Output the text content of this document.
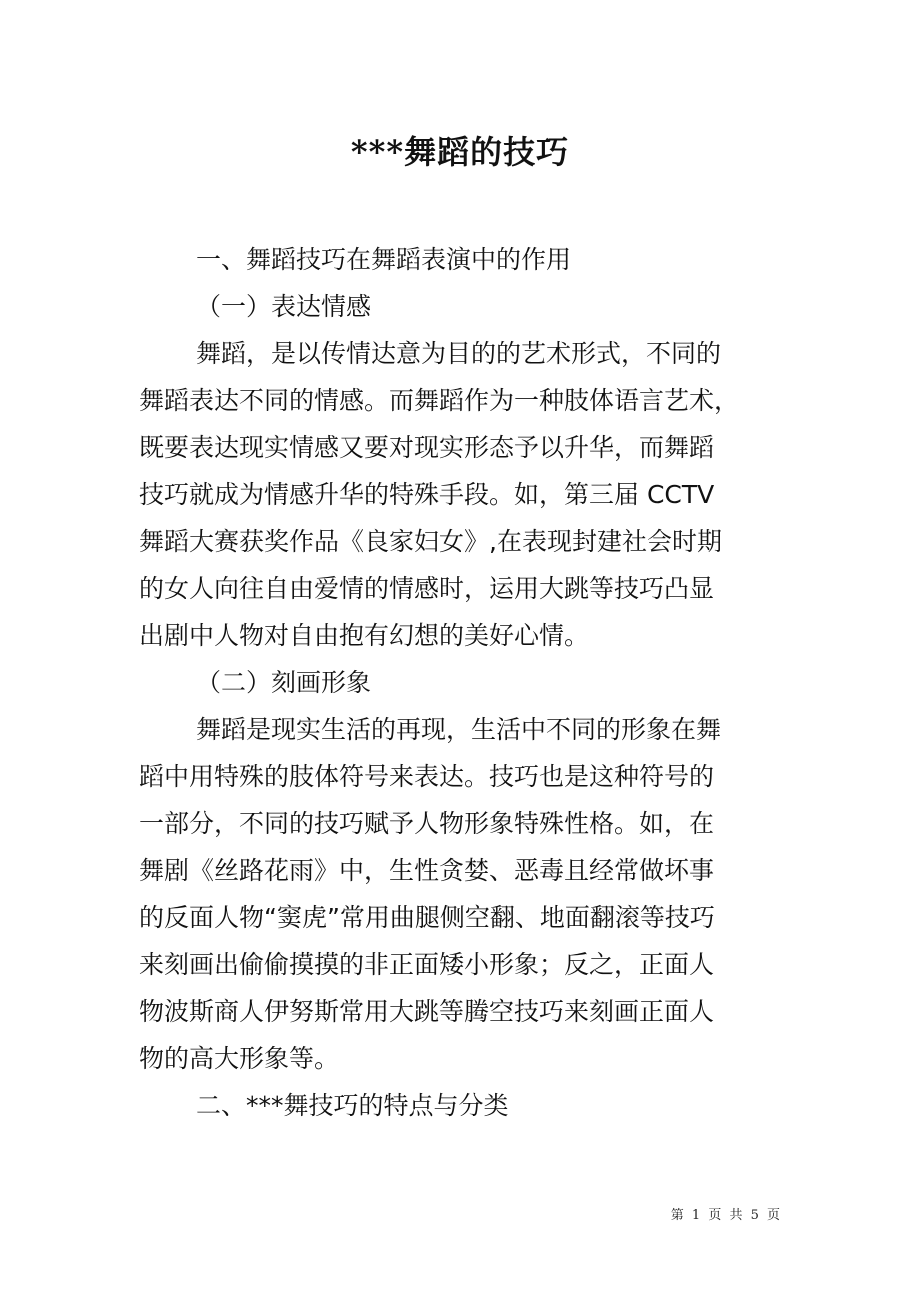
***舞蹈的技巧
一、舞蹈技巧在舞蹈表演中的作用
（一）表达情感
舞蹈，是以传情达意为目的的艺术形式，不同的
舞蹈表达不同的情感。而舞蹈作为一种肢体语言艺术，
既要表达现实情感又要对现实形态予以升华，而舞蹈
技巧就成为情感升华的特殊手段。如，第三届 CCTV
舞蹈大赛获奖作品《良家妇女》,在表现封建社会时期
的女人向往自由爱情的情感时，运用大跳等技巧凸显
出剧中人物对自由抱有幻想的美好心情。
（二）刻画形象
舞蹈是现实生活的再现，生活中不同的形象在舞
蹈中用特殊的肢体符号来表达。技巧也是这种符号的
一部分，不同的技巧赋予人物形象特殊性格。如，在
舞剧《丝路花雨》中，生性贪婪、恶毒且经常做坏事
的反面人物“窦虎”常用曲腿侧空翻、地面翻滚等技巧
来刻画出偷偷摸摸的非正面矮小形象；反之，正面人
物波斯商人伊努斯常用大跳等腾空技巧来刻画正面人
物的高大形象等。
二、***舞技巧的特点与分类
第 1 页 共 5 页
